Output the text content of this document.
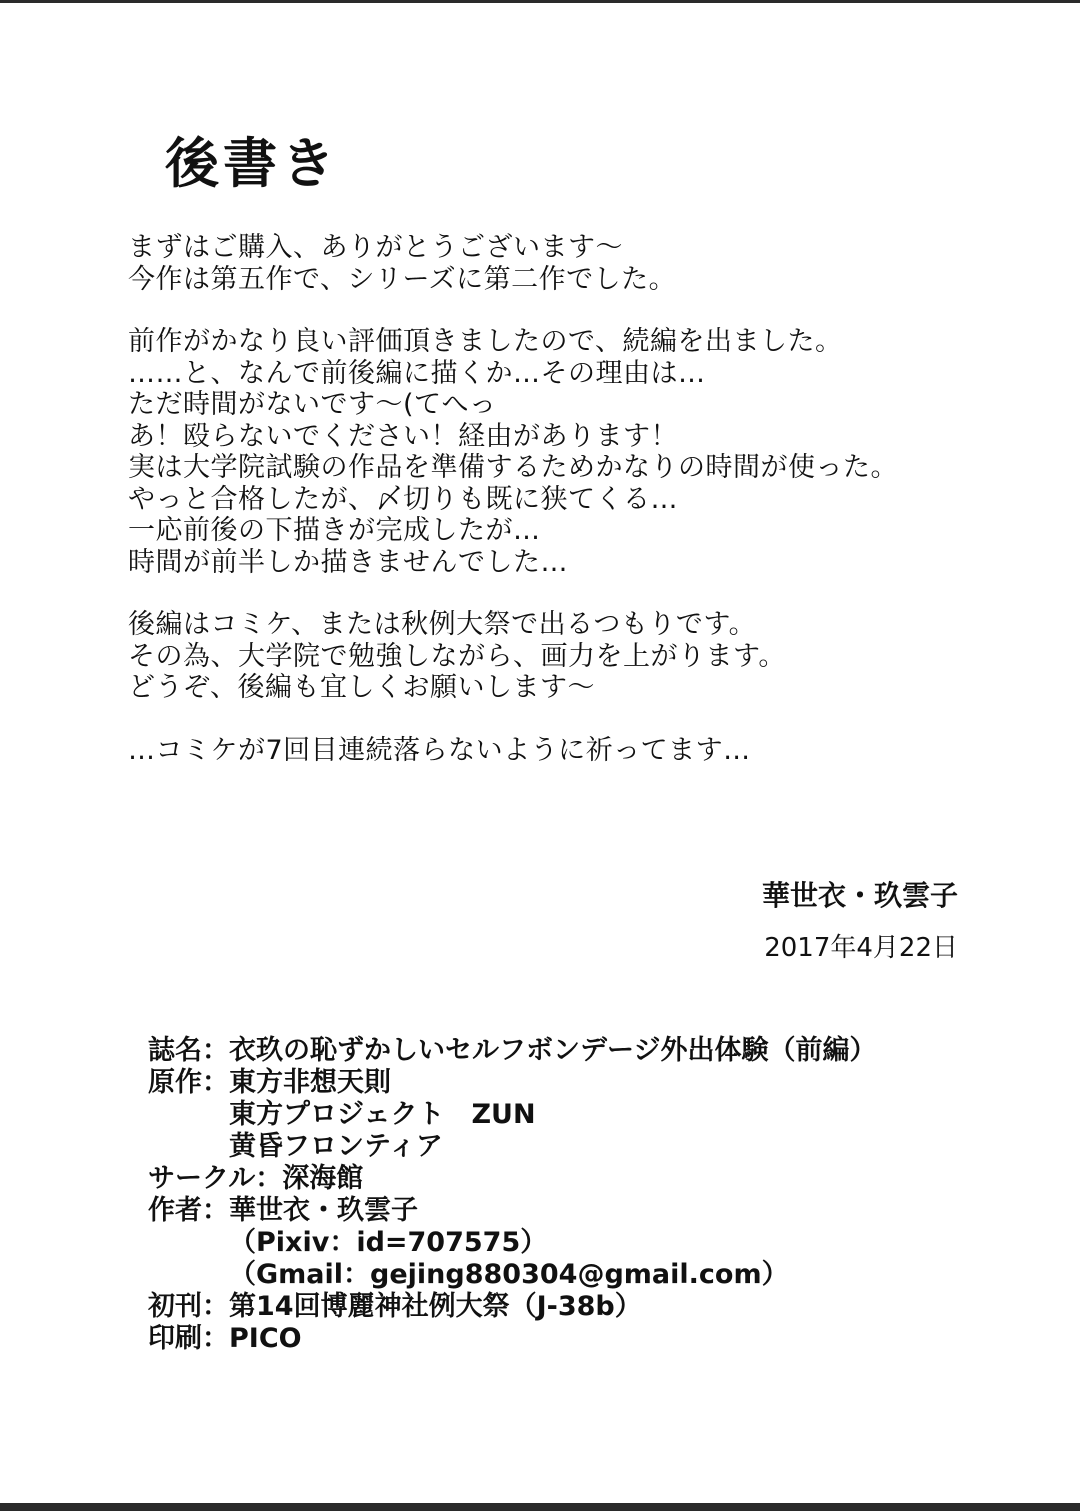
後書き
まずはご購入、ありがとうございます〜
今作は第五作で、シリーズに第二作でした。
前作がかなり良い評価頂きましたので、続編を出ました。
……と、なんで前後編に描くか…その理由は…
ただ時間がないです〜(てへっ
あ！殴らないでください！経由があります！
実は大学院試験の作品を準備するためかなりの時間が使った。
やっと合格したが、〆切りも既に狭てくる…
一応前後の下描きが完成したが…
時間が前半しか描きませんでした…
後編はコミケ、または秋例大祭で出るつもりです。
その為、大学院で勉強しながら、画力を上がります。
どうぞ、後編も宜しくお願いします〜
…コミケが7回目連続落らないように祈ってます…
華世衣・玖雲子
2017年4月22日
誌名： 衣玖の恥ずかしいセルフボンデージ外出体験（前編）
原作： 東方非想天則
東方プロジェクト　ZUN
黄昏フロンティア
サークル： 深海館
作者： 華世衣・玖雲子
（Pixiv：id=707575）
（Gmail：gejing880304@gmail.com）
初刊： 第14回博麗神社例大祭（J-38b）
印刷： PICO
